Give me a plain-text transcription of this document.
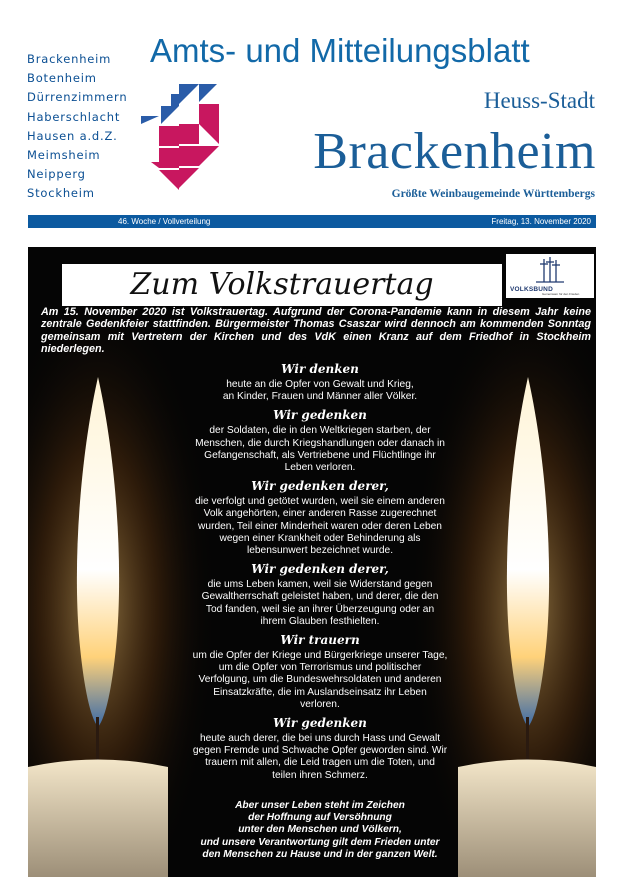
Brackenheim
Botenheim
Dürrenzimmern
Haberschlacht
Hausen a.d.Z.
Meimsheim
Neipperg
Stockheim
Amts- und Mitteilungsblatt
Heuss-Stadt
Brackenheim
Größte Weinbaugemeinde Württembergs
46. Woche / Vollverteilung	Freitag, 13. November 2020
Zum Volkstrauertag	VOLKSBUND
Gemeinsam für den Frieden

Am 15. November 2020 ist Volkstrauertag. Aufgrund der Corona-Pandemie kann in diesem Jahr keine zentrale Gedenkfeier stattfinden. Bürgermeister Thomas Csaszar wird dennoch am kommenden Sonntag gemeinsam mit Vertretern der Kirchen und des VdK einen Kranz auf dem Friedhof in Stockheim niederlegen.

Wir denken

heute an die Opfer von Gewalt und Krieg,
an Kinder, Frauen und Männer aller Völker.

Wir gedenken

der Soldaten, die in den Weltkriegen starben, der
Menschen, die durch Kriegshandlungen oder danach in
Gefangenschaft, als Vertriebene und Flüchtlinge ihr
Leben verloren.

Wir gedenken derer,

die verfolgt und getötet wurden, weil sie einem anderen
Volk angehörten, einer anderen Rasse zugerechnet
wurden, Teil einer Minderheit waren oder deren Leben
wegen einer Krankheit oder Behinderung als
lebensunwert bezeichnet wurde.

Wir gedenken derer,

die ums Leben kamen, weil sie Widerstand gegen
Gewaltherrschaft geleistet haben, und derer, die den
Tod fanden, weil sie an ihrer Überzeugung oder an
ihrem Glauben festhielten.

Wir trauern

um die Opfer der Kriege und Bürgerkriege unserer Tage,
um die Opfer von Terrorismus und politischer
Verfolgung, um die Bundeswehrsoldaten und anderen
Einsatzkräfte, die im Auslandseinsatz ihr Leben
verloren.

Wir gedenken

heute auch derer, die bei uns durch Hass und Gewalt
gegen Fremde und Schwache Opfer geworden sind. Wir
trauern mit allen, die Leid tragen um die Toten, und
teilen ihren Schmerz.

Aber unser Leben steht im Zeichen
der Hoffnung auf Versöhnung
unter den Menschen und Völkern,
und unsere Verantwortung gilt dem Frieden unter
den Menschen zu Hause und in der ganzen Welt.
